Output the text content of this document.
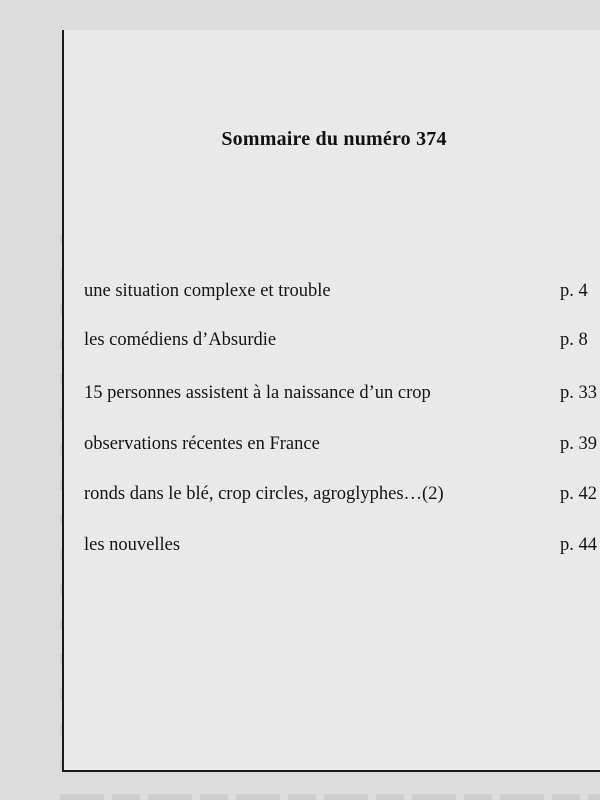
Sommaire du numéro 374
une situation complexe et trouble	p. 4
les comédiens d’Absurdie	p. 8
15 personnes assistent à la naissance d’un crop	p. 33
observations récentes en France	p. 39
ronds dans le blé, crop circles, agroglyphes…(2)	p. 42
les nouvelles	p. 44
